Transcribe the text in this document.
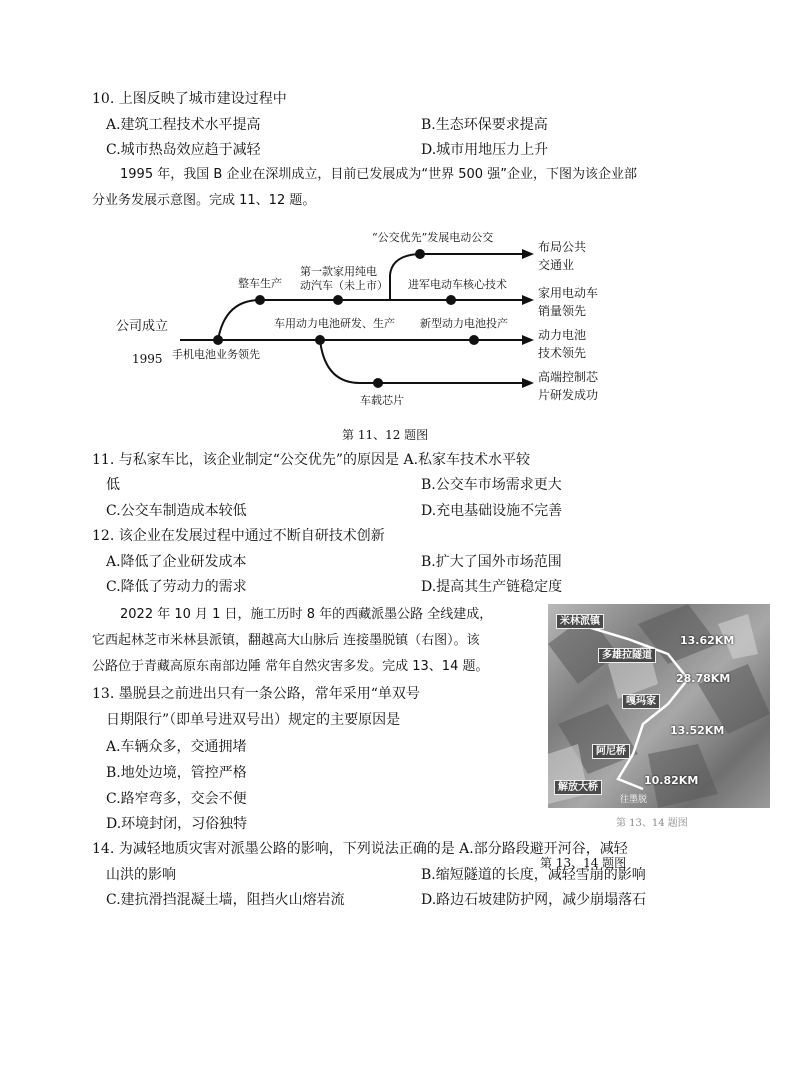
10. 上图反映了城市建设过程中
A.建筑工程技术水平提高	B.生态环保要求提高
C.城市热岛效应趋于减轻	D.城市用地压力上升
1995 年，我国 B 企业在深圳成立，目前已发展成为“世界 500 强”企业，下图为该企业部
分业务发展示意图。完成 11、12 题。
公司成立
1995 手机电池业务领先
整车生产
第一款家用纯电
动汽车（未上市）
“公交优先”发展电动公交
进军电动车核心技术
车用动力电池研发、生产 新型动力电池投产
车载芯片
布局公共
交通业
家用电动车
销量领先
动力电池
技术领先
高端控制芯
片研发成功
第 11、12 题图
11. 与私家车比，该企业制定“公交优先”的原因是 A.私家车技术水平较
低	B.公交车市场需求更大
C.公交车制造成本较低	D.充电基础设施不完善
12. 该企业在发展过程中通过不断自研技术创新
A.降低了企业研发成本	B.扩大了国外市场范围
C.降低了劳动力的需求	D.提高其生产链稳定度
2022 年 10 月 1 日，施工历时 8 年的西藏派墨公路 全线建成，
它西起林芝市米林县派镇，翻越高大山脉后 连接墨脱镇（右图）。该
公路位于青藏高原东南部边陲 常年自然灾害多发。完成 13、14 题。
米林派镇
多雄拉隧道
嘎玛家
阿尼桥
解放大桥
往墨脱
13.62KM
28.78KM
13.52KM
10.82KM
第 13、14 题图
第 13、14 题图
13. 墨脱县之前进出只有一条公路，常年采用“单双号
日期限行”（即单号进双号出）规定的主要原因是
A.车辆众多，交通拥堵
B.地处边境，管控严格
C.路窄弯多，交会不便
D.环境封闭，习俗独特
14. 为减轻地质灾害对派墨公路的影响，下列说法正确的是 A.部分路段避开河谷，减轻
山洪的影响	B.缩短隧道的长度，减轻雪崩的影响
C.建抗滑挡混凝土墙，阻挡火山熔岩流	D.路边石坡建防护网，减少崩塌落石
